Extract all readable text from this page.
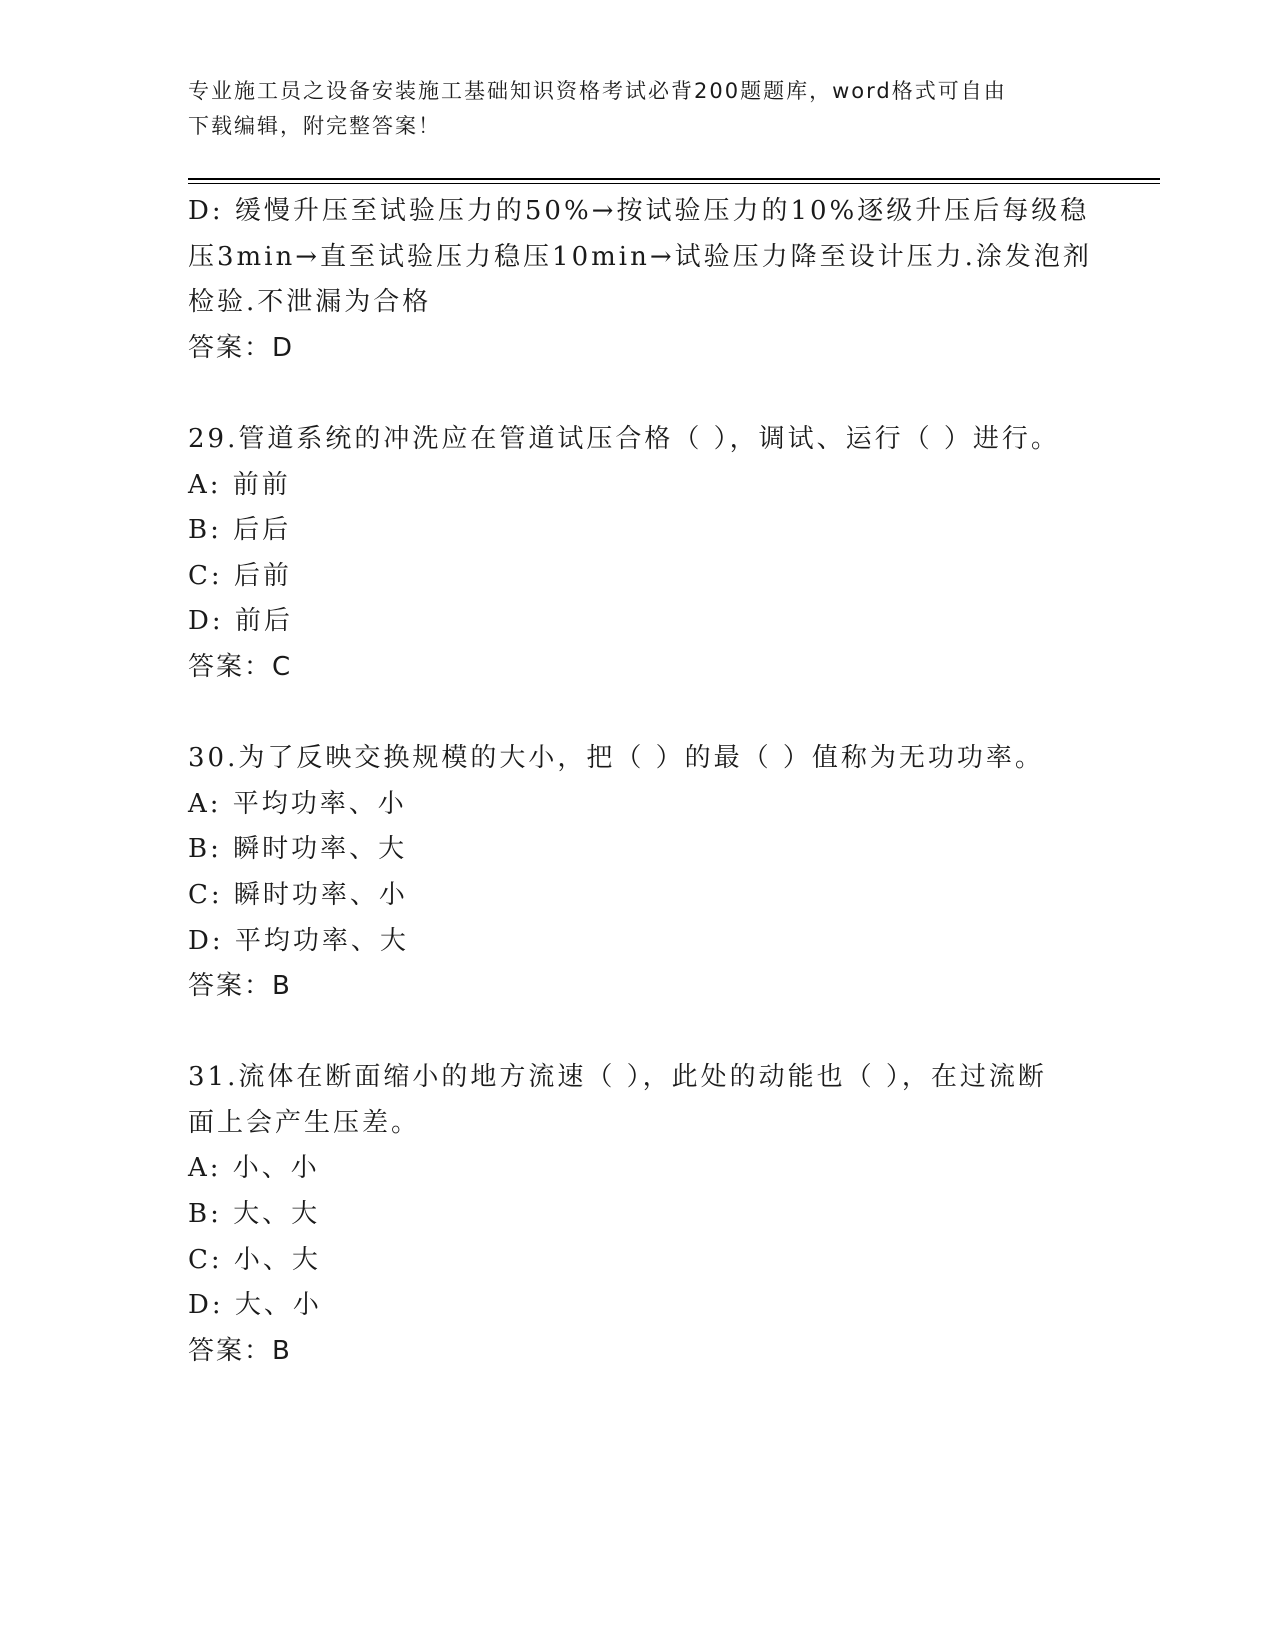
专业施工员之设备安装施工基础知识资格考试必背200题题库，word格式可自由
下载编辑，附完整答案！
D: 缓慢升压至试验压力的50%→按试验压力的10%逐级升压后每级稳
压3min→直至试验压力稳压10min→试验压力降至设计压力.涂发泡剂
检验.不泄漏为合格
答案：D
29.管道系统的冲洗应在管道试压合格（ ），调试、运行（ ）进行。
A: 前前
B: 后后
C: 后前
D: 前后
答案：C
30.为了反映交换规模的大小，把（ ）的最（ ）值称为无功功率。
A: 平均功率、小
B: 瞬时功率、大
C: 瞬时功率、小
D: 平均功率、大
答案：B
31.流体在断面缩小的地方流速（ ），此处的动能也（ ），在过流断
面上会产生压差。
A: 小、小
B: 大、大
C: 小、大
D: 大、小
答案：B
